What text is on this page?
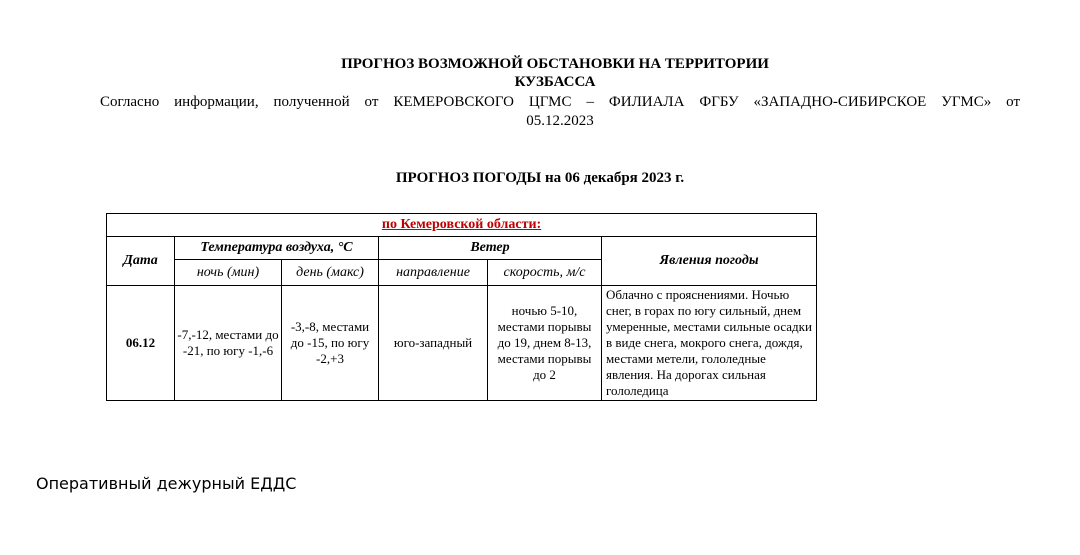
ПРОГНОЗ ВОЗМОЖНОЙ ОБСТАНОВКИ НА ТЕРРИТОРИИ
КУЗБАССА
Согласно информации, полученной от КЕМЕРОВСКОГО ЦГМС – ФИЛИАЛА ФГБУ «ЗАПАДНО-СИБИРСКОЕ УГМС» от
05.12.2023
ПРОГНОЗ ПОГОДЫ на 06 декабря 2023 г.
по Кемеровской области:					
Дата	Температура воздуха, °С		Ветер		Явления погоды
	ночь (мин)	день (макс)	направление	скорость, м/с	
06.12	-7,-12, местами до -21, по югу -1,-6	-3,-8, местами до -15, по югу -2,+3	юго-западный	ночью 5-10, местами порывы до 19, днем 8-13, местами порывы до 2	Облачно с прояснениями. Ночью снег, в горах по югу сильный, днем умеренные, местами сильные осадки в виде снега, мокрого снега, дождя, местами метели, гололедные явления. На дорогах сильная гололедица
Оперативный дежурный ЕДДС
